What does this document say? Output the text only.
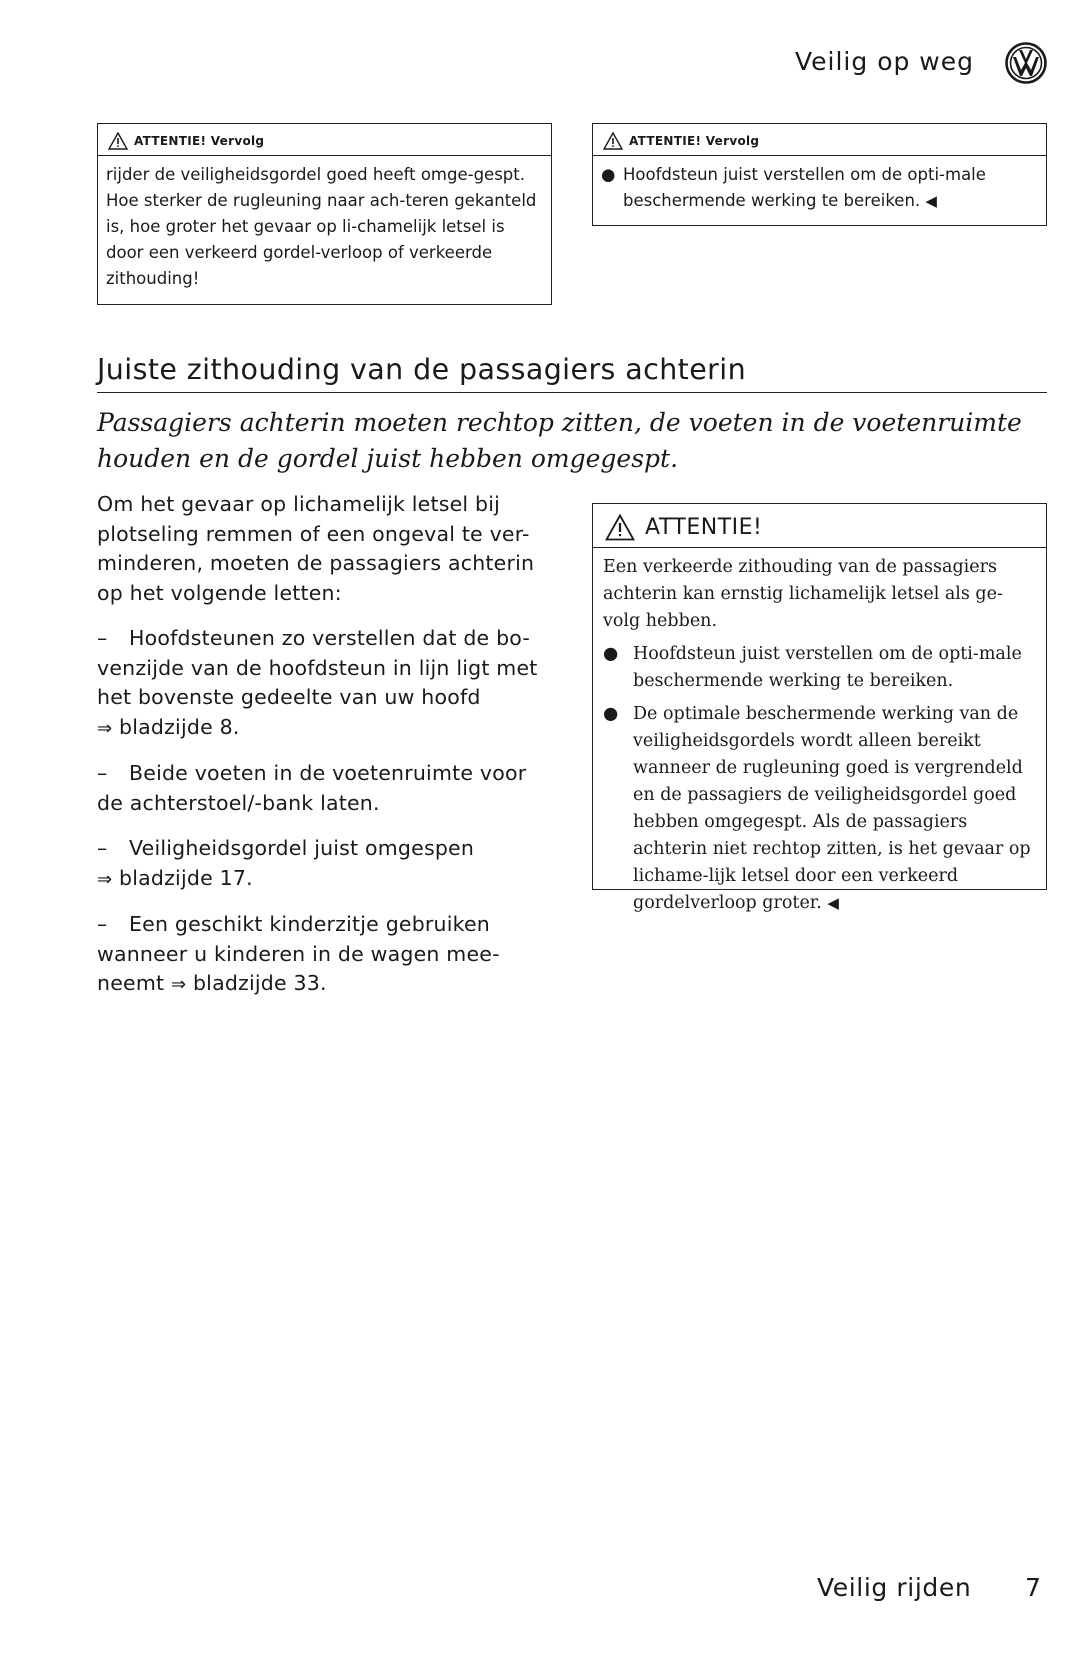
Veilig op weg
ATTENTIE! Vervolg
rijder de veiligheidsgordel goed heeft omge-gespt. Hoe sterker de rugleuning naar ach-teren gekanteld is, hoe groter het gevaar op li-chamelijk letsel is door een verkeerd gordel-verloop of verkeerde zithouding!
ATTENTIE! Vervolg
● Hoofdsteun juist verstellen om de opti-male beschermende werking te bereiken. ◀
Juiste zithouding van de passagiers achterin
Passagiers achterin moeten rechtop zitten, de voeten in de voetenruimte houden en de gordel juist hebben omgegespt.

Om het gevaar op lichamelijk letsel bij plotseling remmen of een ongeval te ver-minderen, moeten de passagiers achterin op het volgende letten:

– Hoofdsteunen zo verstellen dat de bo-venzijde van de hoofdsteun in lijn ligt met het bovenste gedeelte van uw hoofd
⇒ bladzijde 8.

– Beide voeten in de voetenruimte voor de achterstoel/-bank laten.

– Veiligheidsgordel juist omgespen
⇒ bladzijde 17.

– Een geschikt kinderzitje gebruiken wanneer u kinderen in de wagen mee-neemt ⇒ bladzijde 33.

ATTENTIE!

Een verkeerde zithouding van de passagiers achterin kan ernstig lichamelijk letsel als ge-volg hebben.

● Hoofdsteun juist verstellen om de opti-male beschermende werking te bereiken.
● De optimale beschermende werking van de veiligheidsgordels wordt alleen bereikt wanneer de rugleuning goed is vergrendeld en de passagiers de veiligheidsgordel goed hebben omgegespt. Als de passagiers achterin niet rechtop zitten, is het gevaar op lichame-lijk letsel door een verkeerd gordelverloop groter. ◀
Veilig rijden 7
